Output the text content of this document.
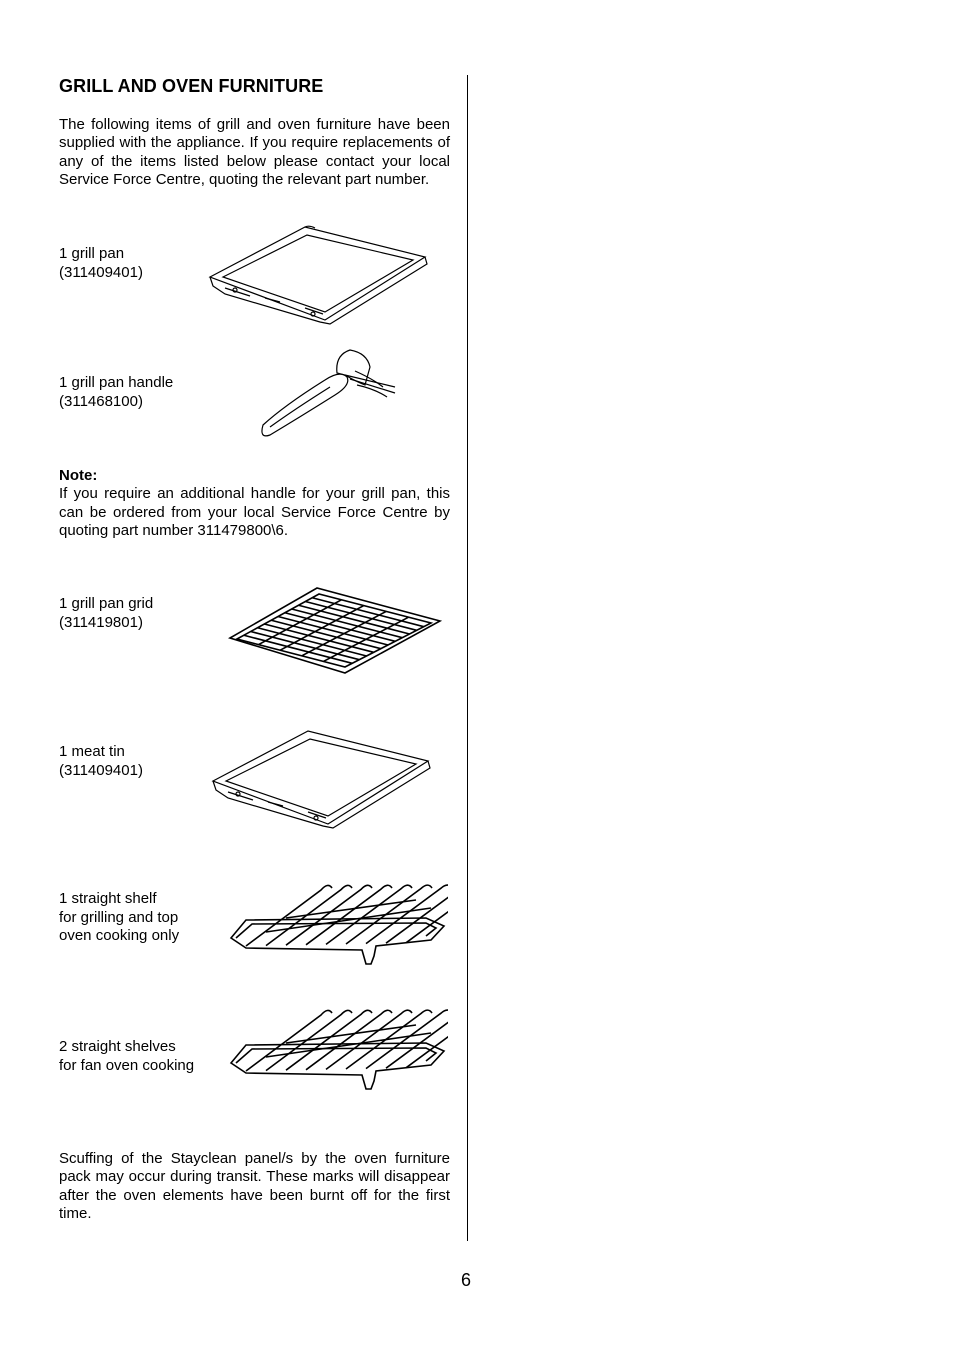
GRILL AND OVEN FURNITURE
The following items of grill and oven furniture have been supplied with the appliance. If you require replacements of any of the items listed below please contact your local Service Force Centre, quoting the relevant part number.
1 grill pan
(311409401)
1 grill pan handle
(311468100)
Note:
If you require an additional handle for your grill pan, this can be ordered from your local Service Force Centre by quoting part number 311479800\6.
1 grill pan grid
(311419801)
1 meat tin
(311409401)
1 straight shelf
for grilling and top
oven cooking only
2 straight shelves
for fan oven cooking
Scuffing of the Stayclean panel/s by the oven furniture pack may occur during transit. These marks will disappear after the oven elements have been burnt off for the first time.
6
